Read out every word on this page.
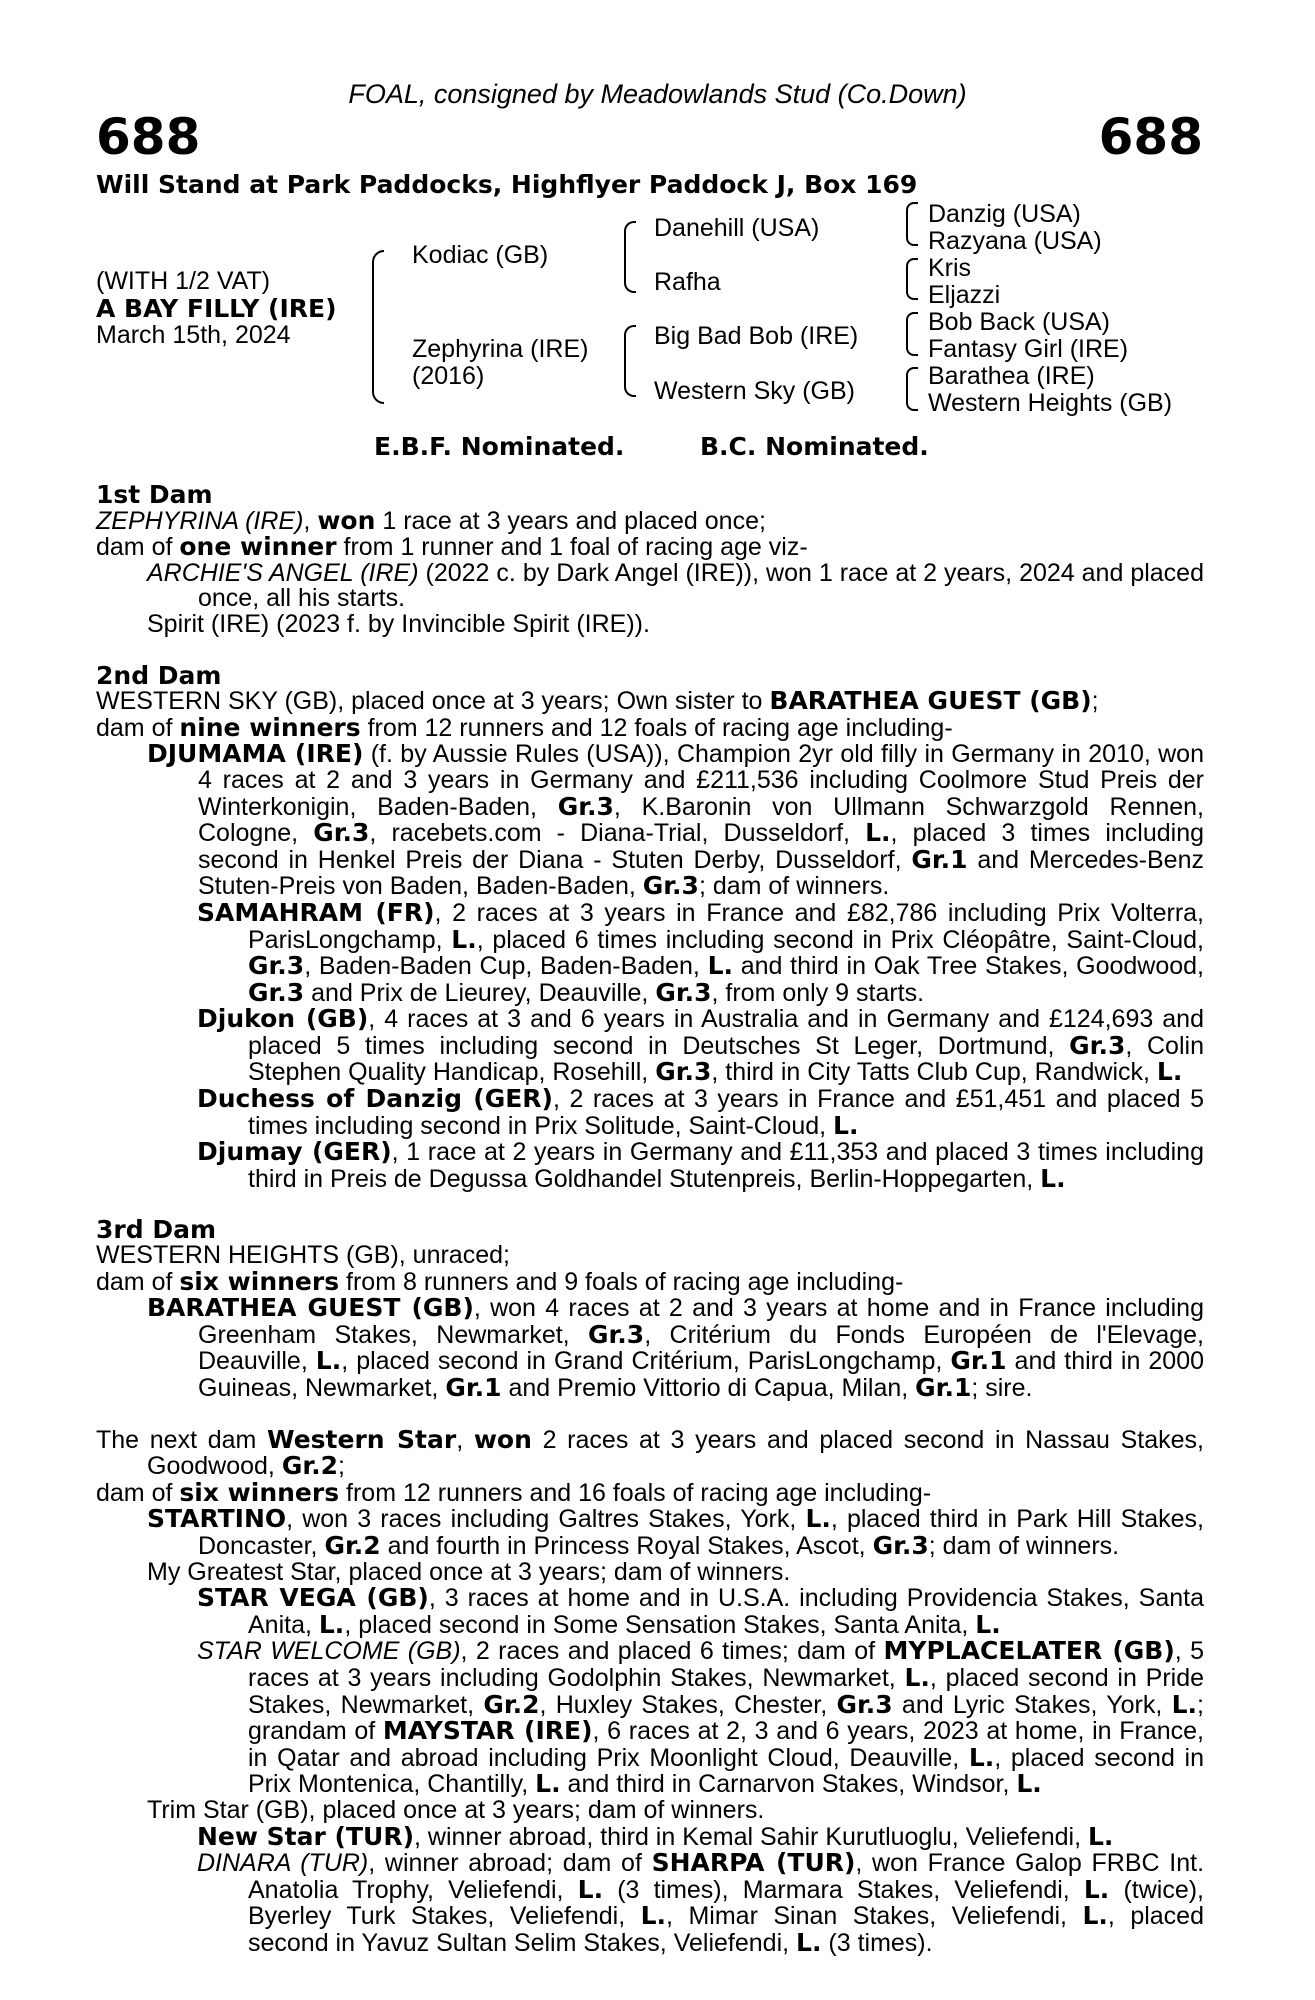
FOAL, consigned by Meadowlands Stud (Co.Down)
688	688
Will Stand at Park Paddocks, Highflyer Paddock J, Box 169
(WITH 1/2 VAT)
A BAY FILLY (IRE)
March 15th, 2024
Kodiac (GB)
Zephyrina (IRE)
(2016)
Danehill (USA)
Rafha
Big Bad Bob (IRE)
Western Sky (GB)
Danzig (USA)
Razyana (USA)
Kris
Eljazzi
Bob Back (USA)
Fantasy Girl (IRE)
Barathea (IRE)
Western Heights (GB)
E.B.F. Nominated.	B.C. Nominated.

1st Dam

ZEPHYRINA (IRE), won 1 race at 3 years and placed once;

dam of one winner from 1 runner and 1 foal of racing age viz-

ARCHIE'S ANGEL (IRE) (2022 c. by Dark Angel (IRE)), won 1 race at 2 years, 2024 and placed once, all his starts.

Spirit (IRE) (2023 f. by Invincible Spirit (IRE)).

2nd Dam

WESTERN SKY (GB), placed once at 3 years; Own sister to BARATHEA GUEST (GB);

dam of nine winners from 12 runners and 12 foals of racing age including-

DJUMAMA (IRE) (f. by Aussie Rules (USA)), Champion 2yr old filly in Germany in 2010, won 4 races at 2 and 3 years in Germany and £211,536 including Coolmore Stud Preis der Winterkonigin, Baden-Baden, Gr.3, K.Baronin von Ullmann Schwarzgold Rennen, Cologne, Gr.3, racebets.com - Diana-Trial, Dusseldorf, L., placed 3 times including second in Henkel Preis der Diana - Stuten Derby, Dusseldorf, Gr.1 and Mercedes-Benz Stuten-Preis von Baden, Baden-Baden, Gr.3; dam of winners.

SAMAHRAM (FR), 2 races at 3 years in France and £82,786 including Prix Volterra, ParisLongchamp, L., placed 6 times including second in Prix Cléopâtre, Saint-Cloud, Gr.3, Baden-Baden Cup, Baden-Baden, L. and third in Oak Tree Stakes, Goodwood, Gr.3 and Prix de Lieurey, Deauville, Gr.3, from only 9 starts.

Djukon (GB), 4 races at 3 and 6 years in Australia and in Germany and £124,693 and placed 5 times including second in Deutsches St Leger, Dortmund, Gr.3, Colin Stephen Quality Handicap, Rosehill, Gr.3, third in City Tatts Club Cup, Randwick, L.

Duchess of Danzig (GER), 2 races at 3 years in France and £51,451 and placed 5 times including second in Prix Solitude, Saint-Cloud, L.

Djumay (GER), 1 race at 2 years in Germany and £11,353 and placed 3 times including third in Preis de Degussa Goldhandel Stutenpreis, Berlin-Hoppegarten, L.

3rd Dam

WESTERN HEIGHTS (GB), unraced;

dam of six winners from 8 runners and 9 foals of racing age including-

BARATHEA GUEST (GB), won 4 races at 2 and 3 years at home and in France including Greenham Stakes, Newmarket, Gr.3, Critérium du Fonds Européen de l'Elevage, Deauville, L., placed second in Grand Critérium, ParisLongchamp, Gr.1 and third in 2000 Guineas, Newmarket, Gr.1 and Premio Vittorio di Capua, Milan, Gr.1; sire.

The next dam Western Star, won 2 races at 3 years and placed second in Nassau Stakes, Goodwood, Gr.2;

dam of six winners from 12 runners and 16 foals of racing age including-

STARTINO, won 3 races including Galtres Stakes, York, L., placed third in Park Hill Stakes, Doncaster, Gr.2 and fourth in Princess Royal Stakes, Ascot, Gr.3; dam of winners.

My Greatest Star, placed once at 3 years; dam of winners.

STAR VEGA (GB), 3 races at home and in U.S.A. including Providencia Stakes, Santa Anita, L., placed second in Some Sensation Stakes, Santa Anita, L.

STAR WELCOME (GB), 2 races and placed 6 times; dam of MYPLACELATER (GB), 5 races at 3 years including Godolphin Stakes, Newmarket, L., placed second in Pride Stakes, Newmarket, Gr.2, Huxley Stakes, Chester, Gr.3 and Lyric Stakes, York, L.; grandam of MAYSTAR (IRE), 6 races at 2, 3 and 6 years, 2023 at home, in France, in Qatar and abroad including Prix Moonlight Cloud, Deauville, L., placed second in Prix Montenica, Chantilly, L. and third in Carnarvon Stakes, Windsor, L.

Trim Star (GB), placed once at 3 years; dam of winners.

New Star (TUR), winner abroad, third in Kemal Sahir Kurutluoglu, Veliefendi, L.

DINARA (TUR), winner abroad; dam of SHARPA (TUR), won France Galop FRBC Int. Anatolia Trophy, Veliefendi, L. (3 times), Marmara Stakes, Veliefendi, L. (twice), Byerley Turk Stakes, Veliefendi, L., Mimar Sinan Stakes, Veliefendi, L., placed second in Yavuz Sultan Selim Stakes, Veliefendi, L. (3 times).
